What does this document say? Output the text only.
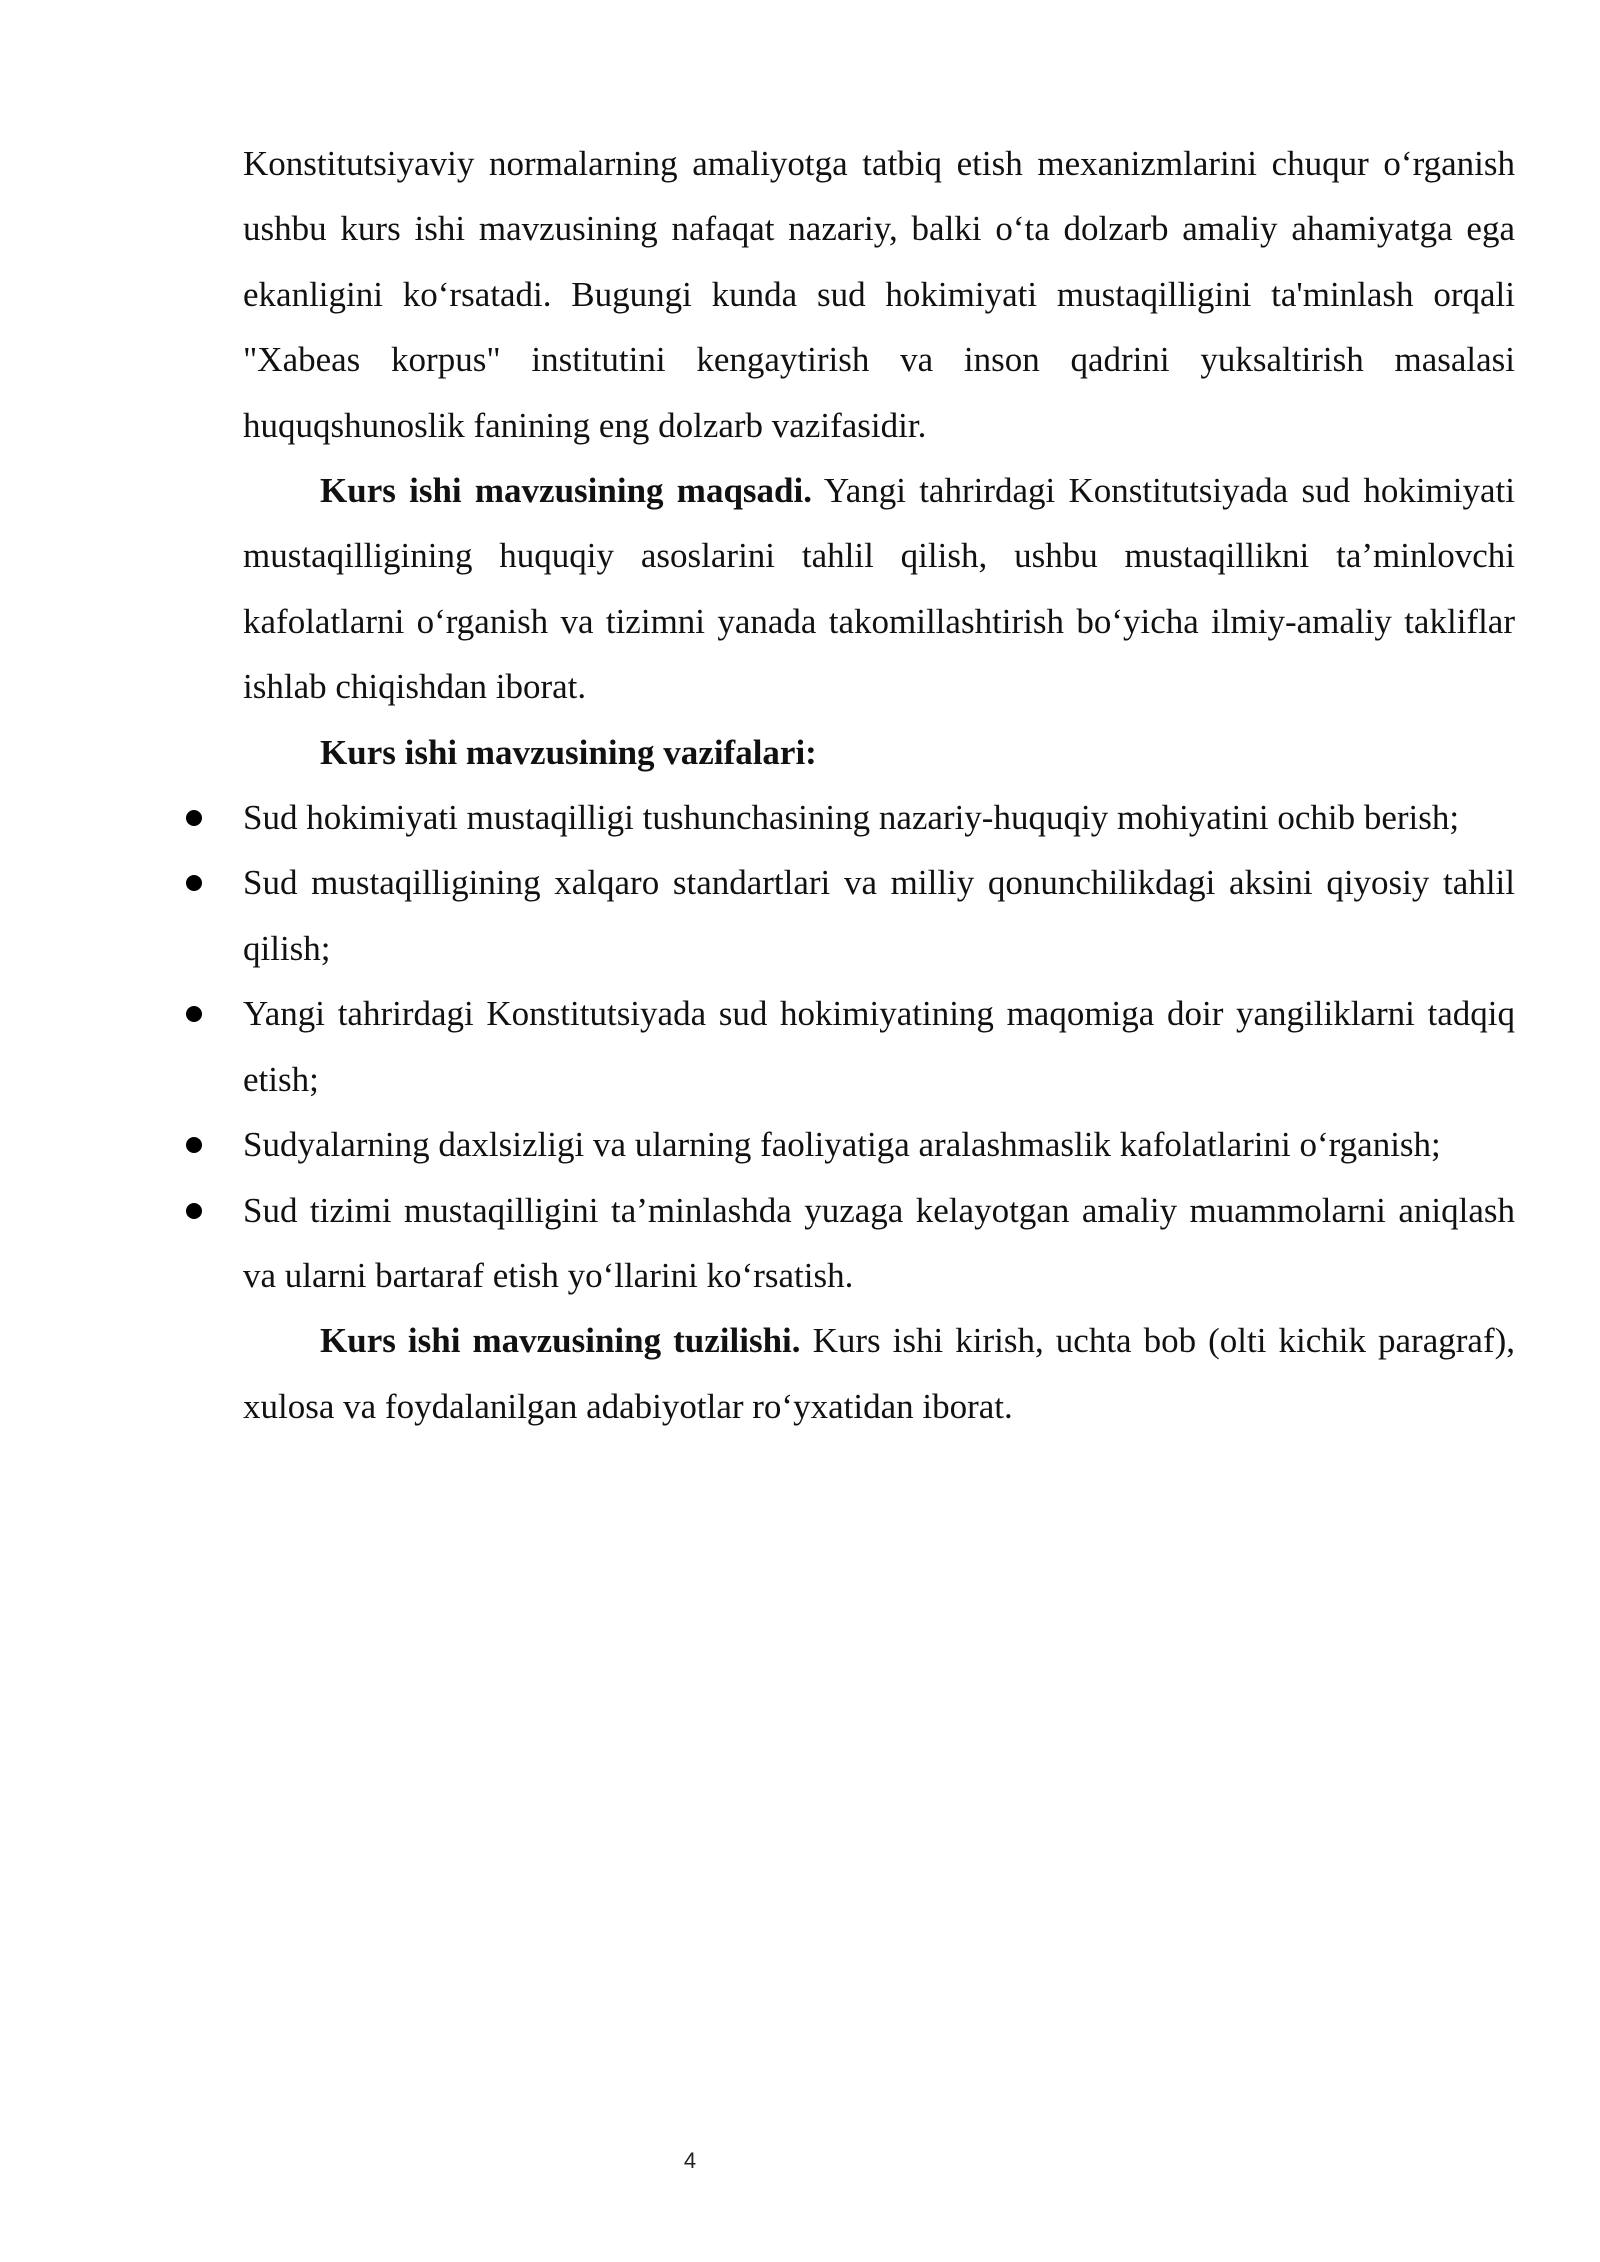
Konstitutsiyaviy normalarning amaliyotga tatbiq etish mexanizmlarini chuqur o‘rganish ushbu kurs ishi mavzusining nafaqat nazariy, balki o‘ta dolzarb amaliy ahamiyatga ega ekanligini ko‘rsatadi. Bugungi kunda sud hokimiyati mustaqilligini ta'minlash orqali "Xabeas korpus" institutini kengaytirish va inson qadrini yuksaltirish masalasi huquqshunoslik fanining eng dolzarb vazifasidir.

Kurs ishi mavzusining maqsadi. Yangi tahrirdagi Konstitutsiyada sud hokimiyati mustaqilligining huquqiy asoslarini tahlil qilish, ushbu mustaqillikni ta’minlovchi kafolatlarni o‘rganish va tizimni yanada takomillashtirish bo‘yicha ilmiy-amaliy takliflar ishlab chiqishdan iborat.

Kurs ishi mavzusining vazifalari:

Sud hokimiyati mustaqilligi tushunchasining nazariy-huquqiy mohiyatini ochib berish;
Sud mustaqilligining xalqaro standartlari va milliy qonunchilikdagi aksini qiyosiy tahlil qilish;
Yangi tahrirdagi Konstitutsiyada sud hokimiyatining maqomiga doir yangiliklarni tadqiq etish;
Sudyalarning daxlsizligi va ularning faoliyatiga aralashmaslik kafolatlarini o‘rganish;
Sud tizimi mustaqilligini ta’minlashda yuzaga kelayotgan amaliy muammolarni aniqlash va ularni bartaraf etish yo‘llarini ko‘rsatish.

Kurs ishi mavzusining tuzilishi. Kurs ishi kirish, uchta bob (olti kichik paragraf), xulosa va foydalanilgan adabiyotlar ro‘yxatidan iborat.

4
